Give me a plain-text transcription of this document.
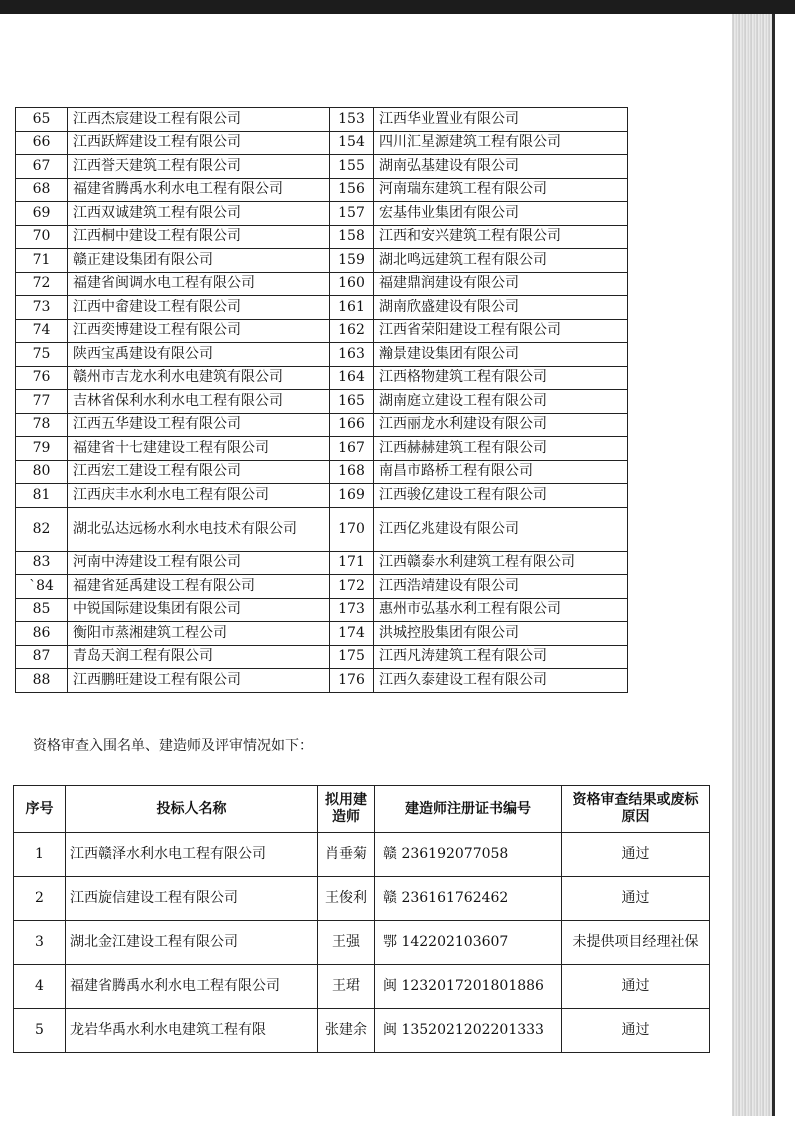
65	江西杰宸建设工程有限公司	153	江西华业置业有限公司
66	江西跃辉建设工程有限公司	154	四川汇星源建筑工程有限公司
67	江西誉天建筑工程有限公司	155	湖南弘基建设有限公司
68	福建省腾禹水利水电工程有限公司	156	河南瑞东建筑工程有限公司
69	江西双诚建筑工程有限公司	157	宏基伟业集团有限公司
70	江西桐中建设工程有限公司	158	江西和安兴建筑工程有限公司
71	赣正建设集团有限公司	159	湖北鸣远建筑工程有限公司
72	福建省闽调水电工程有限公司	160	福建鼎润建设有限公司
73	江西中畲建设工程有限公司	161	湖南欣盛建设有限公司
74	江西奕博建设工程有限公司	162	江西省荣阳建设工程有限公司
75	陕西宝禹建设有限公司	163	瀚景建设集团有限公司
76	赣州市吉龙水利水电建筑有限公司	164	江西格物建筑工程有限公司
77	吉林省保利水利水电工程有限公司	165	湖南庭立建设工程有限公司
78	江西五华建设工程有限公司	166	江西丽龙水利建设有限公司
79	福建省十七建建设工程有限公司	167	江西赫赫建筑工程有限公司
80	江西宏工建设工程有限公司	168	南昌市路桥工程有限公司
81	江西庆丰水利水电工程有限公司	169	江西骏亿建设工程有限公司
82	湖北弘达远杨水利水电技术有限公司	170	江西亿兆建设有限公司
83	河南中涛建设工程有限公司	171	江西赣泰水利建筑工程有限公司
`84	福建省延禹建设工程有限公司	172	江西浩靖建设有限公司
85	中锐国际建设集团有限公司	173	惠州市弘基水利工程有限公司
86	衡阳市蒸湘建筑工程公司	174	洪城控股集团有限公司
87	青岛天润工程有限公司	175	江西凡涛建筑工程有限公司
88	江西鹏旺建设工程有限公司	176	江西久泰建设工程有限公司
资格审查入围名单、建造师及评审情况如下：
序号	投标人名称	拟用建造师	建造师注册证书编号	资格审查结果或废标原因
1	江西赣泽水利水电工程有限公司	肖垂菊	赣 236192077058	通过
2	江西旋信建设工程有限公司	王俊利	赣 236161762462	通过
3	湖北金江建设工程有限公司	王强	鄂 142202103607	未提供项目经理社保
4	福建省腾禹水利水电工程有限公司	王珺	闽 1232017201801886	通过
5	龙岩华禹水利水电建筑工程有限	张建余	闽 1352021202201333	通过
